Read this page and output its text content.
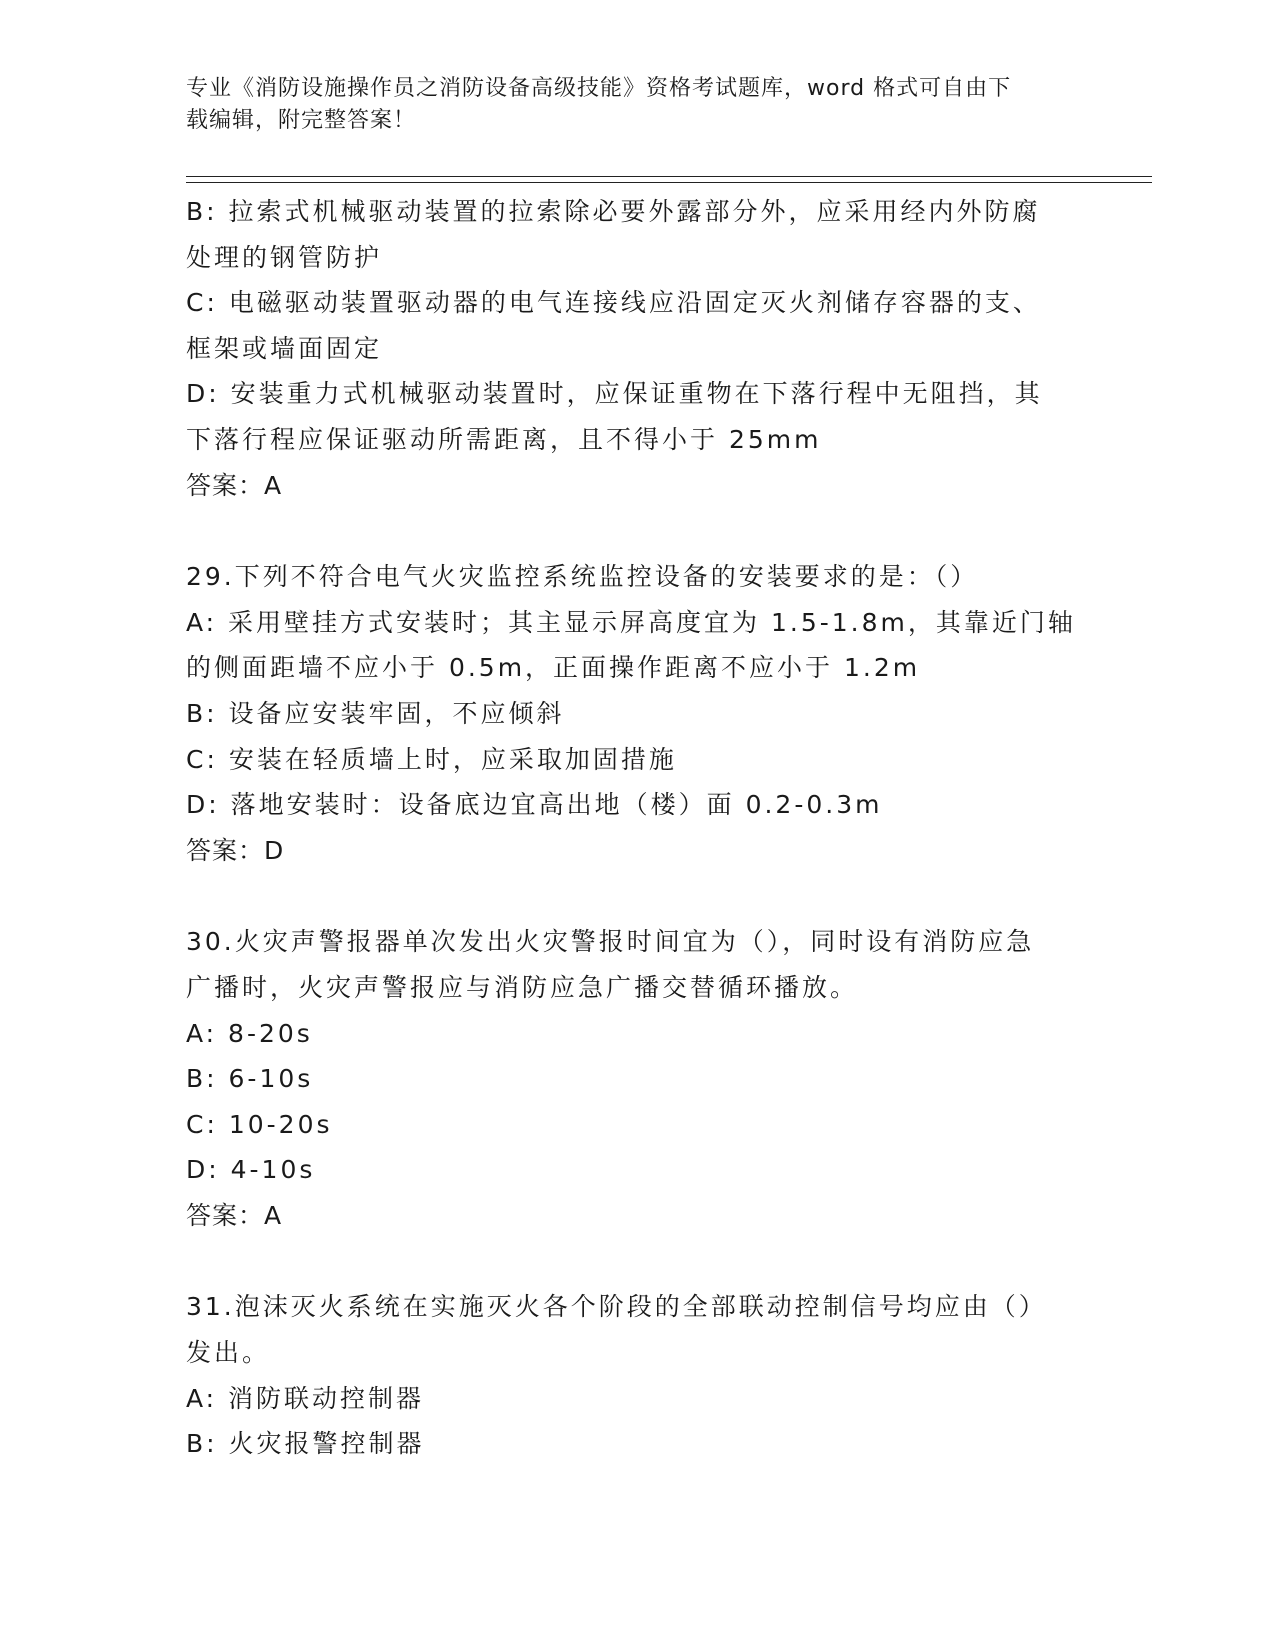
专业《消防设施操作员之消防设备高级技能》资格考试题库，word 格式可自由下
载编辑，附完整答案！
B: 拉索式机械驱动装置的拉索除必要外露部分外，应采用经内外防腐
处理的钢管防护
C: 电磁驱动装置驱动器的电气连接线应沿固定灭火剂储存容器的支、
框架或墙面固定
D: 安装重力式机械驱动装置时，应保证重物在下落行程中无阻挡，其
下落行程应保证驱动所需距离，且不得小于 25mm
答案：A
29.下列不符合电气火灾监控系统监控设备的安装要求的是：（）
A: 采用壁挂方式安装时；其主显示屏高度宜为 1.5-1.8m，其靠近门轴
的侧面距墙不应小于 0.5m，正面操作距离不应小于 1.2m
B: 设备应安装牢固，不应倾斜
C: 安装在轻质墙上时，应采取加固措施
D: 落地安装时：设备底边宜高出地（楼）面 0.2-0.3m
答案：D
30.火灾声警报器单次发出火灾警报时间宜为（），同时设有消防应急
广播时，火灾声警报应与消防应急广播交替循环播放。
A: 8-20s
B: 6-10s
C: 10-20s
D: 4-10s
答案：A
31.泡沫灭火系统在实施灭火各个阶段的全部联动控制信号均应由（）
发出。
A: 消防联动控制器
B: 火灾报警控制器
